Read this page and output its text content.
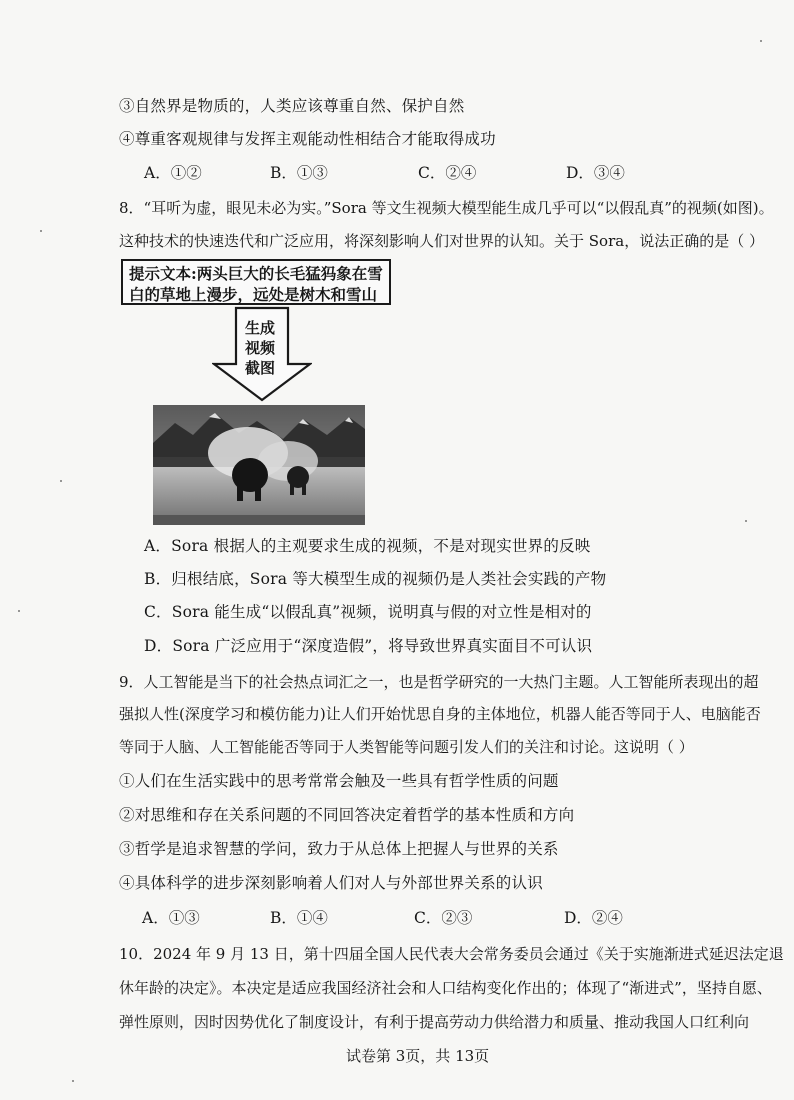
③自然界是物质的，人类应该尊重自然、保护自然
④尊重客观规律与发挥主观能动性相结合才能取得成功
A．①②	B．①③	C．②④	D．③④
8．“耳听为虚，眼见未必为实。”Sora 等文生视频大模型能生成几乎可以“以假乱真”的视频(如图)。
这种技术的快速迭代和广泛应用，将深刻影响人们对世界的认知。关于 Sora，说法正确的是（ ）
提示文本:两头巨大的长毛猛犸象在雪
白的草地上漫步，远处是树木和雪山
生成
视频
截图
A．Sora 根据人的主观要求生成的视频，不是对现实世界的反映
B．归根结底，Sora 等大模型生成的视频仍是人类社会实践的产物
C．Sora 能生成“以假乱真”视频，说明真与假的对立性是相对的
D．Sora 广泛应用于“深度造假”，将导致世界真实面目不可认识
9．人工智能是当下的社会热点词汇之一，也是哲学研究的一大热门主题。人工智能所表现出的超
强拟人性(深度学习和模仿能力)让人们开始忧思自身的主体地位，机器人能否等同于人、电脑能否
等同于人脑、人工智能能否等同于人类智能等问题引发人们的关注和讨论。这说明（ ）
①人们在生活实践中的思考常常会触及一些具有哲学性质的问题
②对思维和存在关系问题的不同回答决定着哲学的基本性质和方向
③哲学是追求智慧的学问，致力于从总体上把握人与世界的关系
④具体科学的进步深刻影响着人们对人与外部世界关系的认识
A．①③	B．①④	C．②③	D．②④
10．2024 年 9 月 13 日，第十四届全国人民代表大会常务委员会通过《关于实施渐进式延迟法定退
休年龄的决定》。本决定是适应我国经济社会和人口结构变化作出的；体现了“渐进式”，坚持自愿、
弹性原则，因时因势优化了制度设计，有利于提高劳动力供给潜力和质量、推动我国人口红利向
试卷第 3页，共 13页
